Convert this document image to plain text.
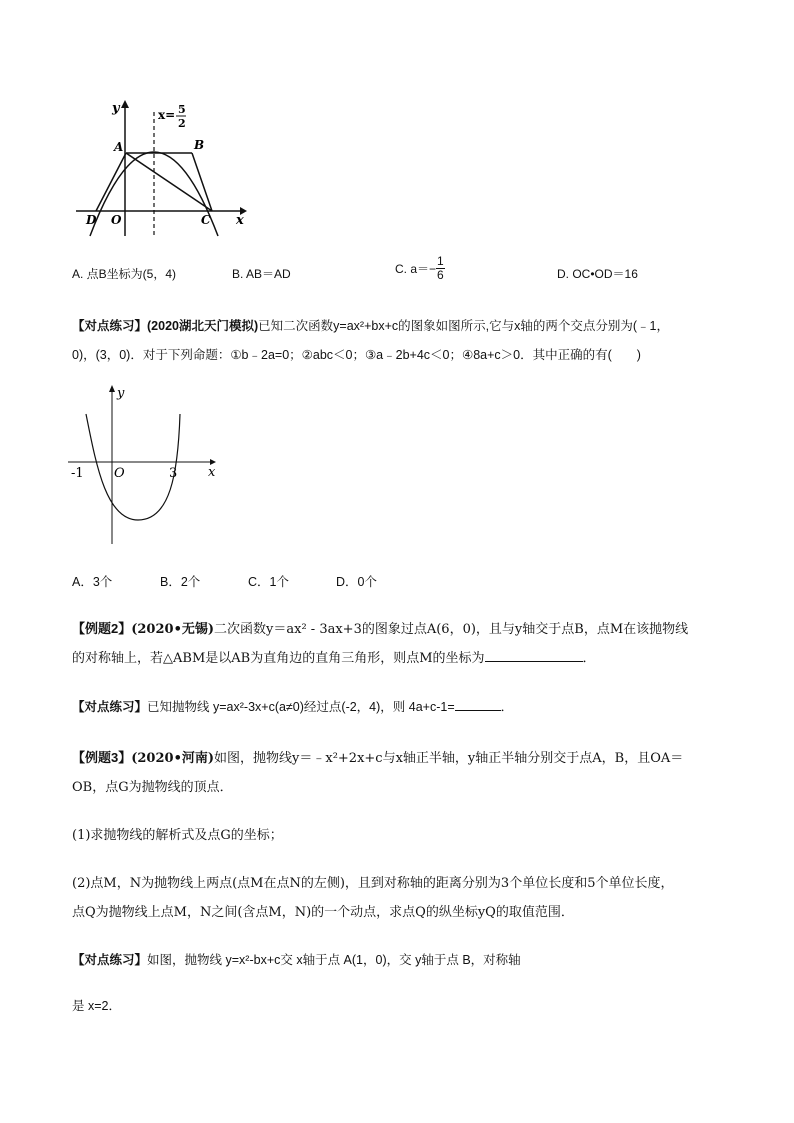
y
x
x= 5
2
A	B
C
D O
A. 点B坐标为(5，4)	B. AB＝AD	C. $a=- \frac{1}{6}$	D. OC•OD＝16
【对点练习】(2020湖北天门模拟)已知二次函数y=ax²+bx+c的图象如图所示,它与x轴的两个交点分别为(﹣1，
0)，(3，0)．对于下列命题：①b﹣2a=0；②abc＜0；③a﹣2b+4c＜0；④8a+c＞0．其中正确的有(　　)
y
x
O
-1	3
A．3个	B．2个	C．1个	D．0个
【例题2】(2020•无锡)二次函数y＝ax² - 3ax+3的图象过点A(6，0)，且与y轴交于点B，点M在该抛物线
的对称轴上，若△ABM是以AB为直角边的直角三角形，则点M的坐标为	．
【对点练习】已知抛物线 y=ax²-3x+c(a≠0)经过点(-2，4)，则 4a+c-1=	．
【例题3】(2020•河南)如图，抛物线y＝﹣x²+2x+c与x轴正半轴，y轴正半轴分别交于点A，B，且OA＝
OB，点G为抛物线的顶点．
(1)求抛物线的解析式及点G的坐标；
(2)点M，N为抛物线上两点(点M在点N的左侧)，且到对称轴的距离分别为3个单位长度和5个单位长度，
点Q为抛物线上点M，N之间(含点M，N)的一个动点，求点Q的纵坐标yQ的取值范围．
【对点练习】如图，抛物线 y=x²-bx+c交 x轴于点 A(1，0)，交 y轴于点 B，对称轴
是 x=2．
